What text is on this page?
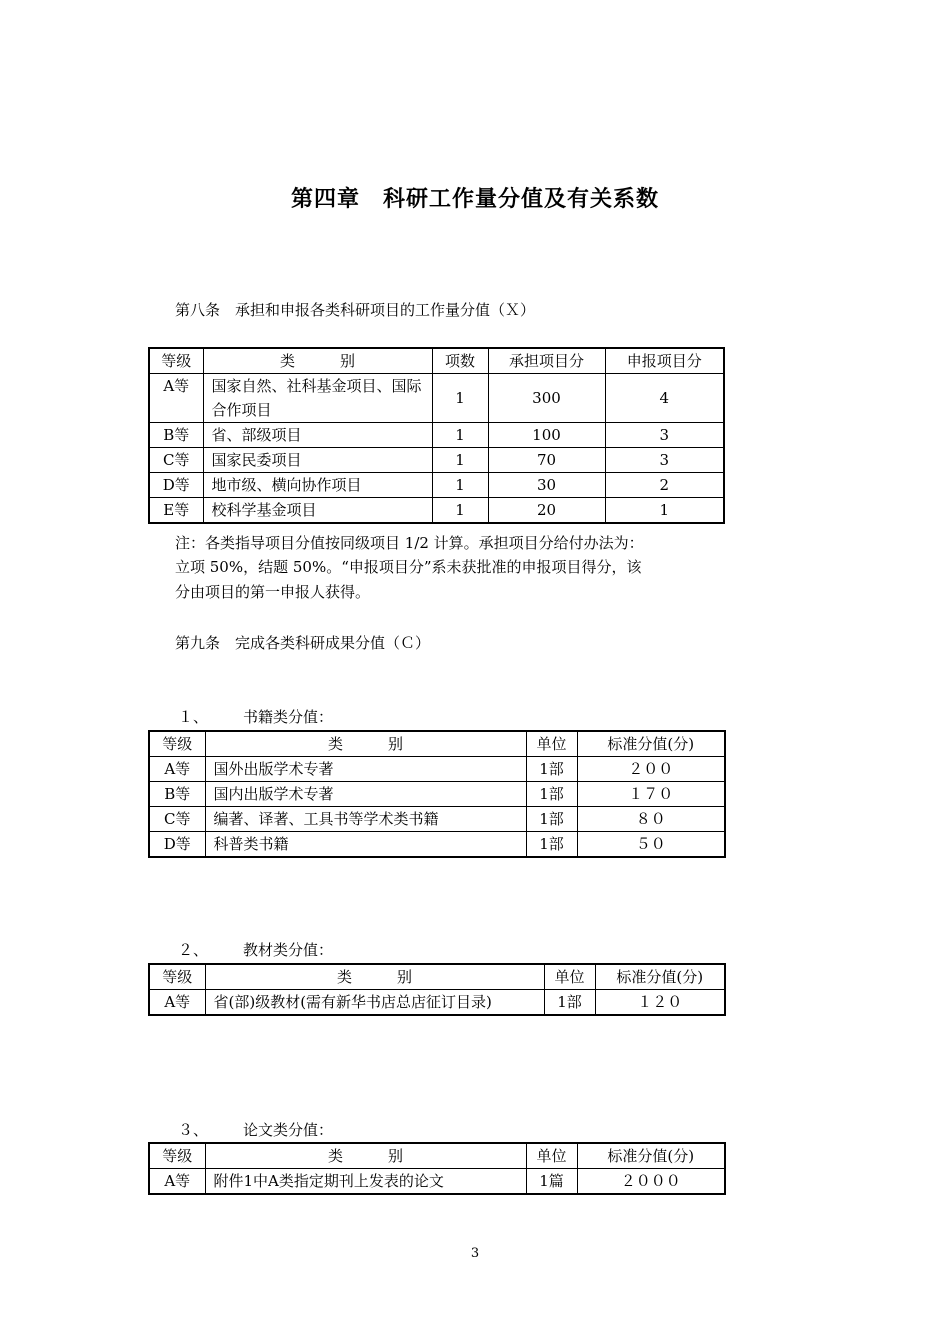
第四章　科研工作量分值及有关系数
第八条　承担和申报各类科研项目的工作量分值（Ｘ）
等级	类　　　别	项数	承担项目分	申报项目分
A等	国家自然、社科基金项目、国际合作项目	1	300	4
B等	省、部级项目	1	100	3
C等	国家民委项目	1	70	3
D等	地市级、横向协作项目	1	30	2
E等	校科学基金项目	1	20	1
注：各类指导项目分值按同级项目 1/2 计算。承担项目分给付办法为：
立项 50%，结题 50%。“申报项目分”系未获批准的申报项目得分，该
分由项目的第一申报人获得。
第九条　完成各类科研成果分值（Ｃ）
１、 书籍类分值：
等级	类　　　别	单位	标准分值(分)
A等	国外出版学术专著	1部	２００
B等	国内出版学术专著	1部	１７０
C等	编著、译著、工具书等学术类书籍	1部	８０
D等	科普类书籍	1部	５０
２、 教材类分值：
等级	类　　　别	单位	标准分值(分)
A等	省(部)级教材(需有新华书店总店征订目录)	1部	１２０
３、 论文类分值：
等级	类　　　别	单位	标准分值(分)
A等	附件1中A类指定期刊上发表的论文	1篇	２０００
3
